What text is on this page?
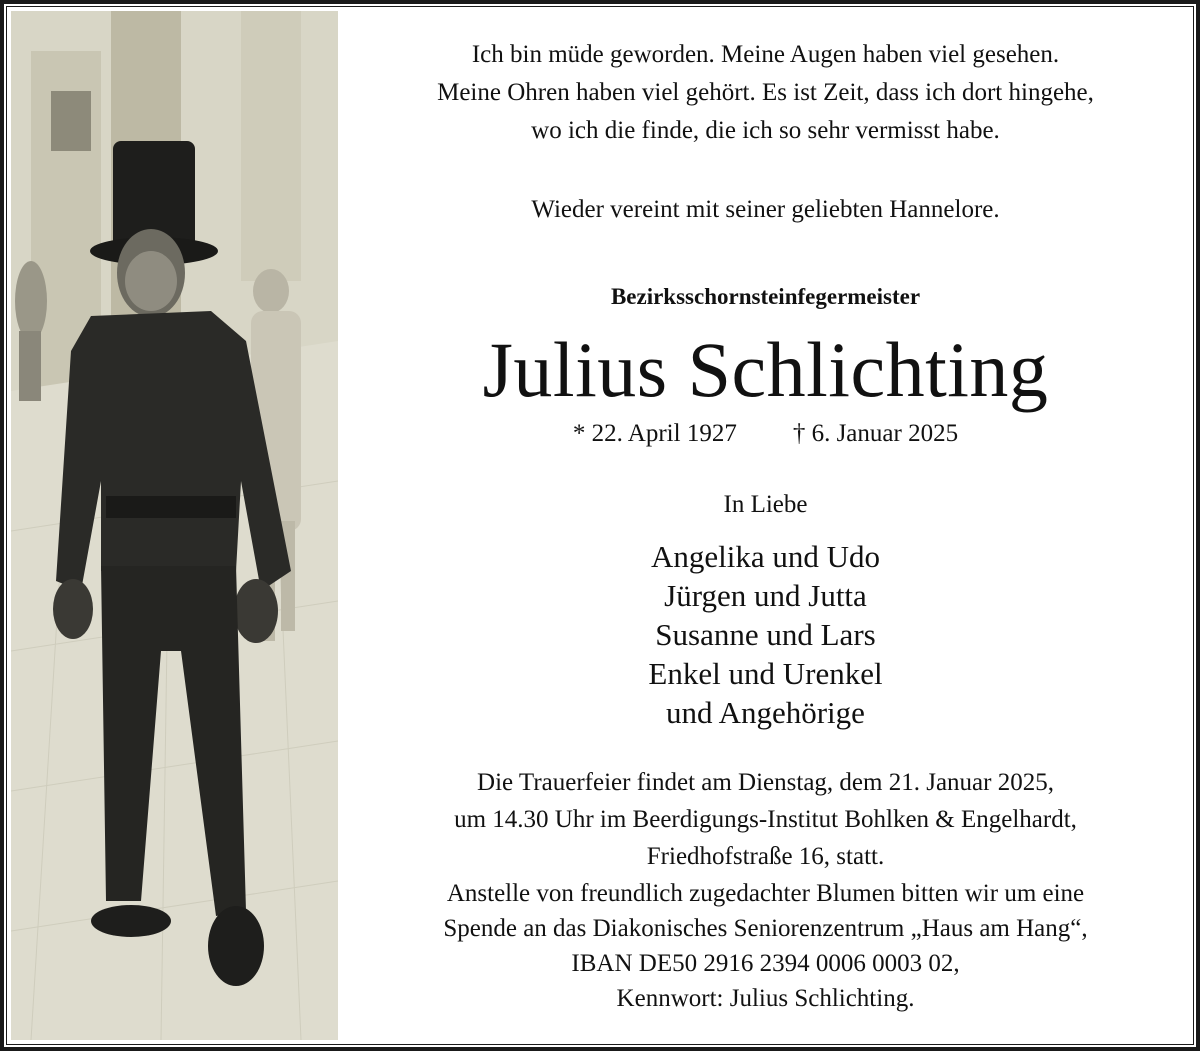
Ich bin müde geworden. Meine Augen haben viel gesehen.
Meine Ohren haben viel gehört. Es ist Zeit, dass ich dort hingehe,
wo ich die finde, die ich so sehr vermisst habe.
Wieder vereint mit seiner geliebten Hannelore.
Bezirksschornsteinfegermeister
Julius Schlichting
* 22. April 1927 † 6. Januar 2025
In Liebe
Angelika und Udo
Jürgen und Jutta
Susanne und Lars
Enkel und Urenkel
und Angehörige
Die Trauerfeier findet am Dienstag, dem 21. Januar 2025,
um 14.30 Uhr im Beerdigungs-Institut Bohlken & Engelhardt,
Friedhofstraße 16, statt.
Anstelle von freundlich zugedachter Blumen bitten wir um eine
Spende an das Diakonisches Seniorenzentrum „Haus am Hang“,
IBAN DE50 2916 2394 0006 0003 02,
Kennwort: Julius Schlichting.
